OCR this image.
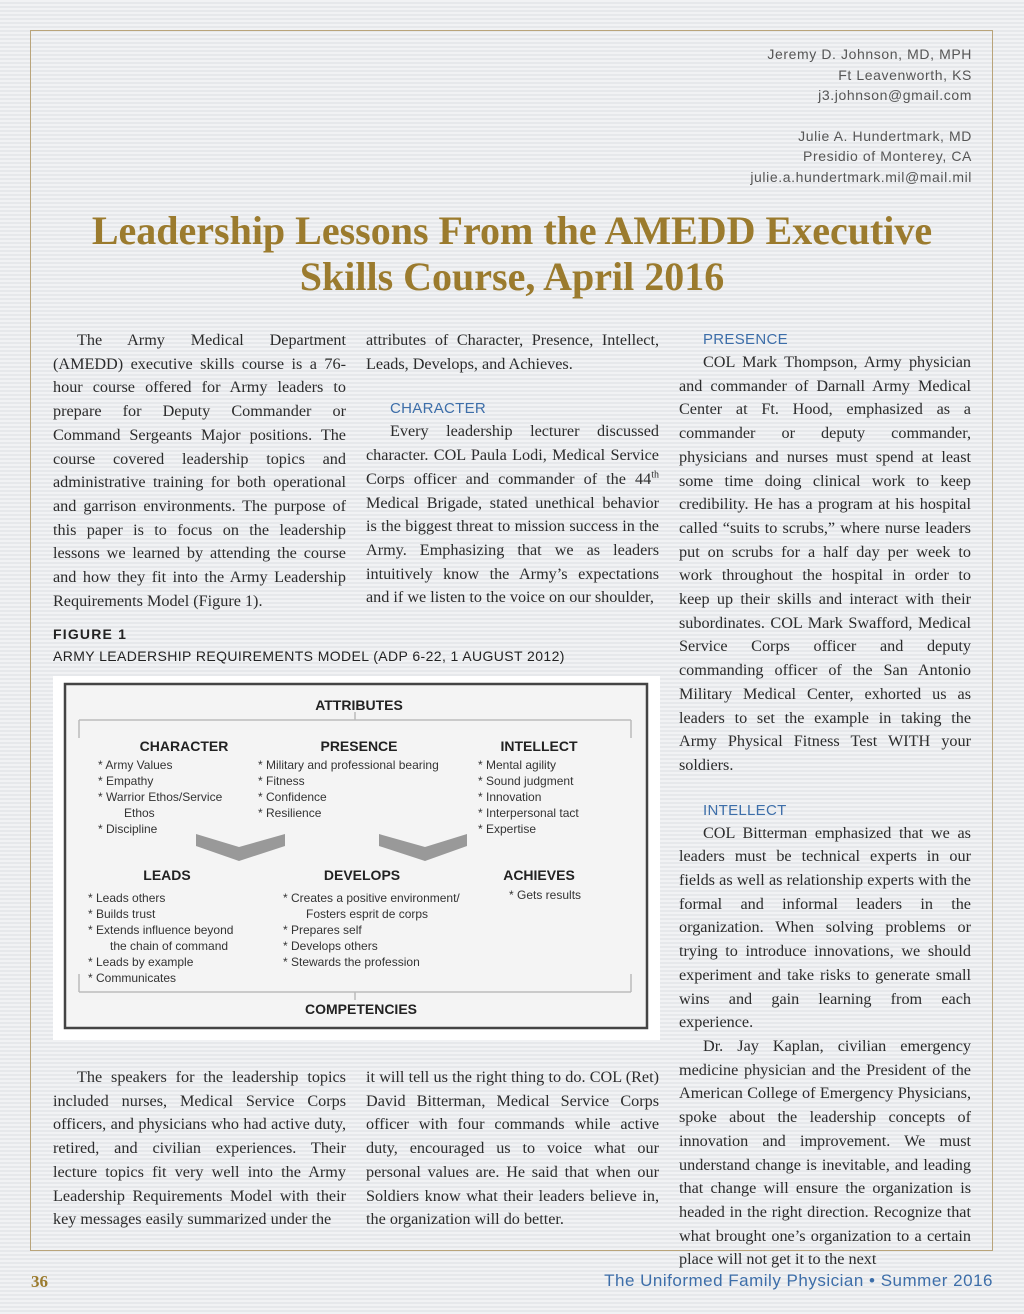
Jeremy D. Johnson, MD, MPH
Ft Leavenworth, KS
j3.johnson@gmail.com
Julie A. Hundertmark, MD
Presidio of Monterey, CA
julie.a.hundertmark.mil@mail.mil
Leadership Lessons From the AMEDD Executive
Skills Course, April 2016

The Army Medical Department (AMEDD) executive skills course is a 76-hour course offered for Army leaders to prepare for Deputy Commander or Command Sergeants Major positions. The course covered leadership topics and administrative training for both operational and garrison environments. The purpose of this paper is to focus on the leadership lessons we learned by attending the course and how they fit into the Army Leadership Requirements Model (Figure 1).

FIGURE 1
ARMY LEADERSHIP REQUIREMENTS MODEL (ADP 6-22, 1 AUGUST 2012)
ATTRIBUTES
COMPETENCIES
CHARACTER	PRESENCE	INTELLECT
LEADS	DEVELOPS	ACHIEVES
* Army Values
* Empathy
* Warrior Ethos/Service
Ethos
* Discipline
* Military and professional bearing
* Fitness
* Confidence
* Resilience
* Mental agility
* Sound judgment
* Innovation
* Interpersonal tact
* Expertise
* Leads others
* Builds trust
* Extends influence beyond
the chain of command
* Leads by example
* Communicates
* Creates a positive environment/
Fosters esprit de corps
* Prepares self
* Develops others
* Stewards the profession
* Gets results

The speakers for the leadership topics included nurses, Medical Service Corps officers, and physicians who had active duty, retired, and civilian experiences. Their lecture topics fit very well into the Army Leadership Requirements Model with their key messages easily summarized under the

attributes of Character, Presence, Intellect, Leads, Develops, and Achieves.

CHARACTER

Every leadership lecturer discussed character. COL Paula Lodi, Medical Service Corps officer and commander of the 44th Medical Brigade, stated unethical behavior is the biggest threat to mission success in the Army. Emphasizing that we as leaders intuitively know the Army’s expectations and if we listen to the voice on our shoulder,

it will tell us the right thing to do. COL (Ret) David Bitterman, Medical Service Corps officer with four commands while active duty, encouraged us to voice what our personal values are. He said that when our Soldiers know what their leaders believe in, the organization will do better.

PRESENCE

COL Mark Thompson, Army physician and commander of Darnall Army Medical Center at Ft. Hood, emphasized as a commander or deputy commander, physicians and nurses must spend at least some time doing clinical work to keep credibility. He has a program at his hospital called “suits to scrubs,” where nurse leaders put on scrubs for a half day per week to work throughout the hospital in order to keep up their skills and interact with their subordinates. COL Mark Swafford, Medical Service Corps officer and deputy commanding officer of the San Antonio Military Medical Center, exhorted us as leaders to set the example in taking the Army Physical Fitness Test WITH your soldiers.

INTELLECT

COL Bitterman emphasized that we as leaders must be technical experts in our fields as well as relationship experts with the formal and informal leaders in the organization. When solving problems or trying to introduce innovations, we should experiment and take risks to generate small wins and gain learning from each experience.

Dr. Jay Kaplan, civilian emergency medicine physician and the President of the American College of Emergency Physicians, spoke about the leadership concepts of innovation and improvement. We must understand change is inevitable, and leading that change will ensure the organization is headed in the right direction. Recognize that what brought one’s organization to a certain place will not get it to the next

36	The Uniformed Family Physician • Summer 2016
